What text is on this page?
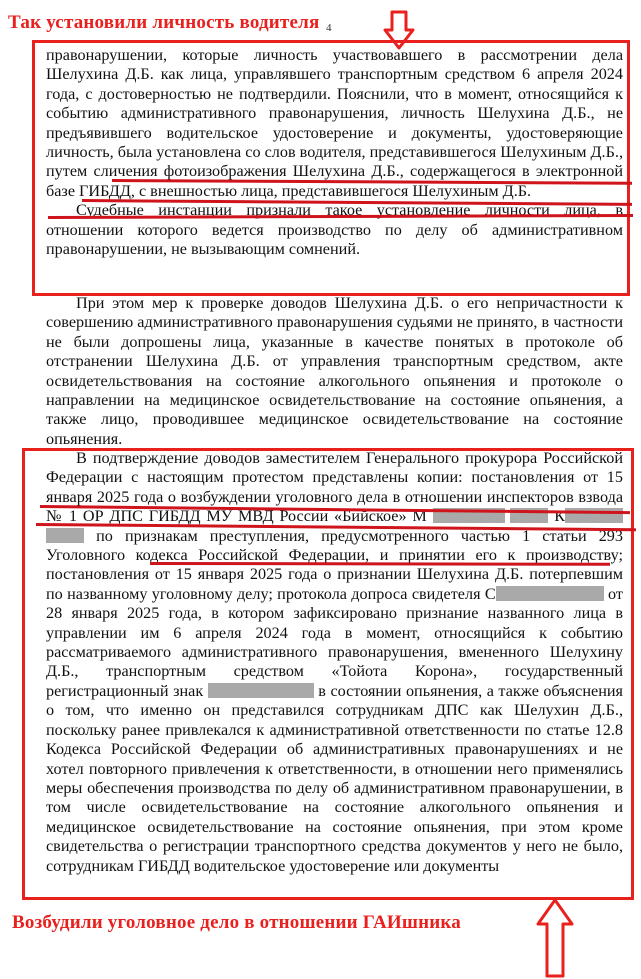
Так установили личность водителя 4

правонарушении, которые личность участвовавшего в рассмотрении дела Шелухина Д.Б. как лица, управлявшего транспортным средством 6 апреля 2024 года, с достоверностью не подтвердили. Пояснили, что в момент, относящийся к событию административного правонарушения, личность Шелухина Д.Б., не предъявившего водительское удостоверение и документы, удостоверяющие личность, была установлена со слов водителя, представившегося Шелухиным Д.Б., путем сличения фотоизображения Шелухина Д.Б., содержащегося в электронной базе ГИБДД, с внешностью лица, представившегося Шелухиным Д.Б.

Судебные инстанции признали такое установление личности лица, в отношении которого ведется производство по делу об административном правонарушении, не вызывающим сомнений.

При этом мер к проверке доводов Шелухина Д.Б. о его непричастности к совершению административного правонарушения судьями не принято, в частности не были допрошены лица, указанные в качестве понятых в протоколе об отстранении Шелухина Д.Б. от управления транспортным средством, акте освидетельствования на состояние алкогольного опьянения и протоколе о направлении на медицинское освидетельствование на состояние опьянения, а также лицо, проводившее медицинское освидетельствование на состояние опьянения.

В подтверждение доводов заместителем Генерального прокурора Российской Федерации с настоящим протестом представлены копии: постановления от 15 января 2025 года о возбуждении уголовного дела в отношении инспекторов взвода № 1 ОР ДПС ГИБДД МУ МВД России «Бийское» М	К  по признакам преступления, предусмотренного частью 1 статьи 293 Уголовного кодекса Российской Федерации, и принятии его к производству; постановления от 15 января 2025 года о признании Шелухина Д.Б. потерпевшим по названному уголовному делу; протокола допроса свидетеля С	от 28 января 2025 года, в котором зафиксировано признание названного лица в управлении им 6 апреля 2024 года в момент, относящийся к событию рассматриваемого административного правонарушения, вмененного Шелухину Д.Б., транспортным средством «Тойота Корона», государственный регистрационный знак	в состоянии опьянения, а также объяснения о том, что именно он представился сотрудникам ДПС как Шелухин Д.Б., поскольку ранее привлекался к административной ответственности по статье 12.8 Кодекса Российской Федерации об административных правонарушениях и не хотел повторного привлечения к ответственности, в отношении него применялись меры обеспечения производства по делу об административном правонарушении, в том числе освидетельствование на состояние алкогольного опьянения и медицинское освидетельствование на состояние опьянения, при этом кроме свидетельства о регистрации транспортного средства документов у него не было, сотрудникам ГИБДД водительское удостоверение или документы

Возбудили уголовное дело в отношении ГАИшника
